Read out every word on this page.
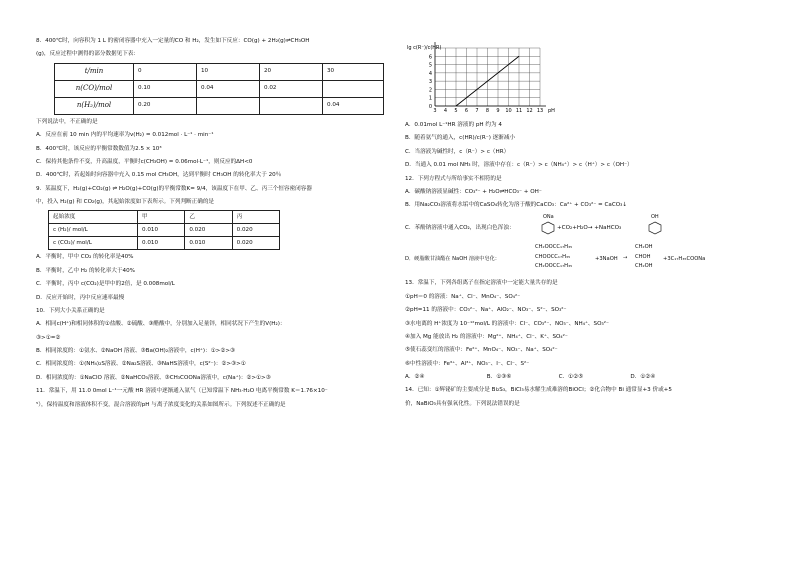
8．400℃时，向容积为 1 L 的密闭容器中充入一定量的CO 和 H₂，发生如下反应：CO(g) + 2H₂(g)⇌CH₃OH
(g)，反应过程中测得的部分数据见下表：
t/min	0	10	20	30
n(CO)/mol	0.10	0.04	0.02	
n(H₂)/mol	0.20			0.04
下列说法中，不正确的是
A．反应在前 10 min 内的平均速率为v(H₂) = 0.012mol · L⁻¹ · min⁻¹
B．400℃时，该反应的平衡常数数值为2.5 × 10³
C．保持其他条件不变，升高温度，平衡时c(CH₃OH) = 0.06mol·L⁻¹，则反应的ΔH<0
D．400℃时，若起始时向容器中充入 0.15 mol CH₃OH，达到平衡时 CH₃OH 的转化率大于 20％
9．某温度下，H₂(g)+CO₂(g) ⇌ H₂O(g)+CO(g)的平衡常数K= 9/4，该温度下在甲、乙、丙三个恒容密闭容器
中，投入 H₂(g) 和 CO₂(g)，其起始浓度如下表所示。下列判断正确的是
起始浓度	甲	乙	丙
c (H₂)/ mol/L	0.010	0.020	0.020
c (CO₂)/ mol/L	0.010	0.010	0.020
A．平衡时，甲中 CO₂ 的转化率是40%
B．平衡时，乙中 H₂ 的转化率大于40%
C．平衡时，丙中 c(CO₂)是甲中的2倍，是 0.008mol/L
D．反应开始时，丙中反应速率最慢
10．下列大小关系正确的是
A．相同c(H⁺)和相同体积的①盐酸、②硫酸、③醋酸中，分别加入足量锌，相同状况下产生的V(H₂)：
③>①=②
B．相同浓度的：①氨水、②NaOH 溶液、③Ba(OH)₂溶液中，c(H⁺)：①>②>③
C．相同浓度的：①(NH₄)₂S溶液、②Na₂S溶液、③NaHS溶液中，c(S²⁻)：②>③>①
D．相同浓度的：①NaClO 溶液、②NaHCO₃溶液、③CH₃COONa溶液中，c(Na⁺)：②>①>③
11．常温下，用 11.0 0mol L⁻¹一元酸 HR 溶液中逐渐通入氨气（已知常温下 NH₃·H₂O 电离平衡常数 K＝1.76×10⁻
⁵），保持温度和溶液体积不变，混合溶液的pH 与离子浓度变化的关系如图所示。下列叙述不正确的是
3 4 5 6 7 8 9 10 11 12 13
0
1
2
3
4
5
6
pH
lg c(R⁻)/c(HR)
A．0.01mol L⁻¹HR 溶液的 pH 约为 4
B．随着氨气的通入，c(HR)/c(R⁻) 逐渐减小
C．当溶液为碱性时，c（R⁻）> c（HR）
D．当通入 0.01 mol NH₃ 时，溶液中存在：c（R⁻）> c（NH₄⁺）> c（H⁺）> c（OH⁻）
12．下列方程式与所给事实不相符的是
A．碳酸钠溶液显碱性：CO₃²⁻ + H₂O⇌HCO₃⁻ + OH⁻
B．用Na₂CO₃溶液将水垢中的CaSO₄转化为溶于酸的CaCO₃：Ca²⁺ + CO₃²⁻ = CaCO₃↓
C．苯酚钠溶液中通入CO₂，出现白色浑浊：
ONa
+CO₂+H₂O→ +NaHCO₃
OH
D．硬脂酸甘油酯在 NaOH 溶液中皂化：
CH₂OOCC₁₇H₃₅
CHOOCC₁₇H₃₅
CH₂OOCC₁₇H₃₅
+3NaOH →
CH₂OH
CHOH
CH₂OH
+3C₁₇H₃₅COONa
13．常温下，下列各组离子在指定溶液中一定能大量共存的是
①pH＝0 的溶液：Na⁺、Cl⁻、MnO₄⁻、SO₄²⁻
②pH=11 的溶液中：CO₃²⁻、Na⁺、AlO₂⁻、NO₃⁻、S²⁻、SO₃²⁻
③水电离的 H⁺浓度为 10⁻¹²mol/L 的溶液中：Cl⁻、CO₃²⁻、NO₃⁻、NH₄⁺、SO₃²⁻
④加入 Mg 能放出 H₂ 的溶液中：Mg²⁺、NH₄⁺、Cl⁻、K⁺、SO₄²⁻
⑤使石蕊变红的溶液中：Fe²⁺、MnO₄⁻、NO₃⁻、Na⁺、SO₄²⁻
⑥中性溶液中：Fe³⁺、Al³⁺、NO₃⁻、I⁻、Cl⁻、S²⁻
A．②④	B．①③⑥	C．①②⑤	D．①②④
14．已知：①辉铋矿的主要成分是 Bi₂S₃，BiCl₃易水解生成难溶的BiOCl；②化合物中 Bi 通常显+3 价或+5
价，NaBiO₃具有强氧化性。下列说法错误的是
